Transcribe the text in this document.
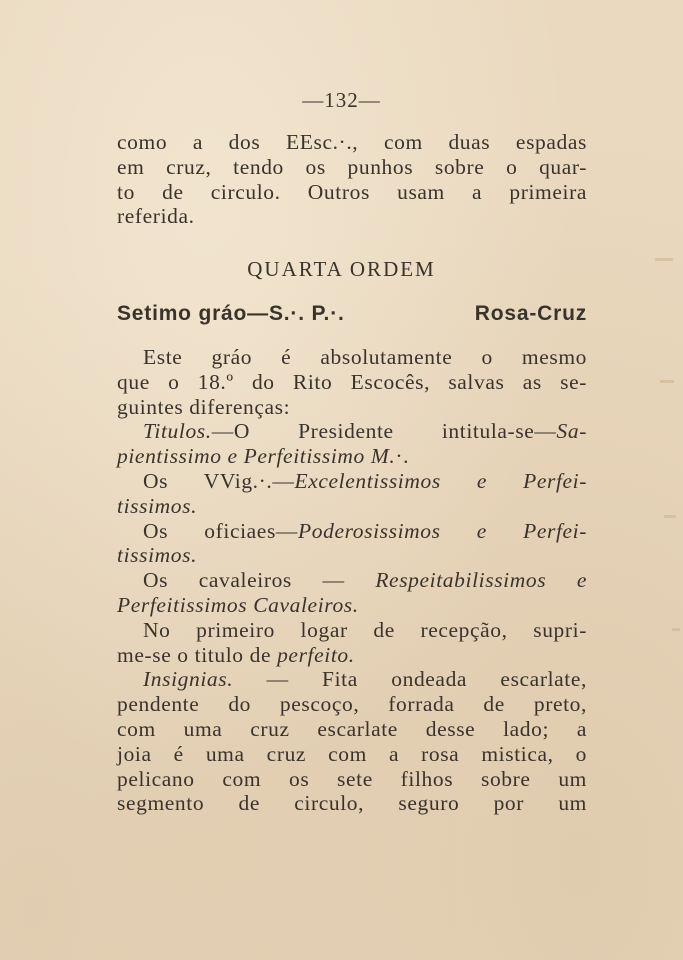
—132—
como a dos EEsc.·., com duas espadas
em cruz, tendo os punhos sobre o quar-
to de circulo. Outros usam a primeira
referida.
QUARTA ORDEM
Setimo gráo—S.·. P.·.	Rosa-Cruz
Este gráo é absolutamente o mesmo
que o 18.º do Rito Escocês, salvas as se-
guintes diferenças:
Titulos.—O Presidente intitula-se—Sa-
pientissimo e Perfeitissimo M.·.
Os VVig.·.—Excelentissimos e Perfei-
tissimos.
Os oficiaes—Poderosissimos e Perfei-
tissimos.
Os cavaleiros — Respeitabilissimos e
Perfeitissimos Cavaleiros.
No primeiro logar de recepção, supri-
me-se o titulo de perfeito.
Insignias. — Fita ondeada escarlate,
pendente do pescoço, forrada de preto,
com uma cruz escarlate desse lado; a
joia é uma cruz com a rosa mistica, o
pelicano com os sete filhos sobre um
segmento de circulo, seguro por um
